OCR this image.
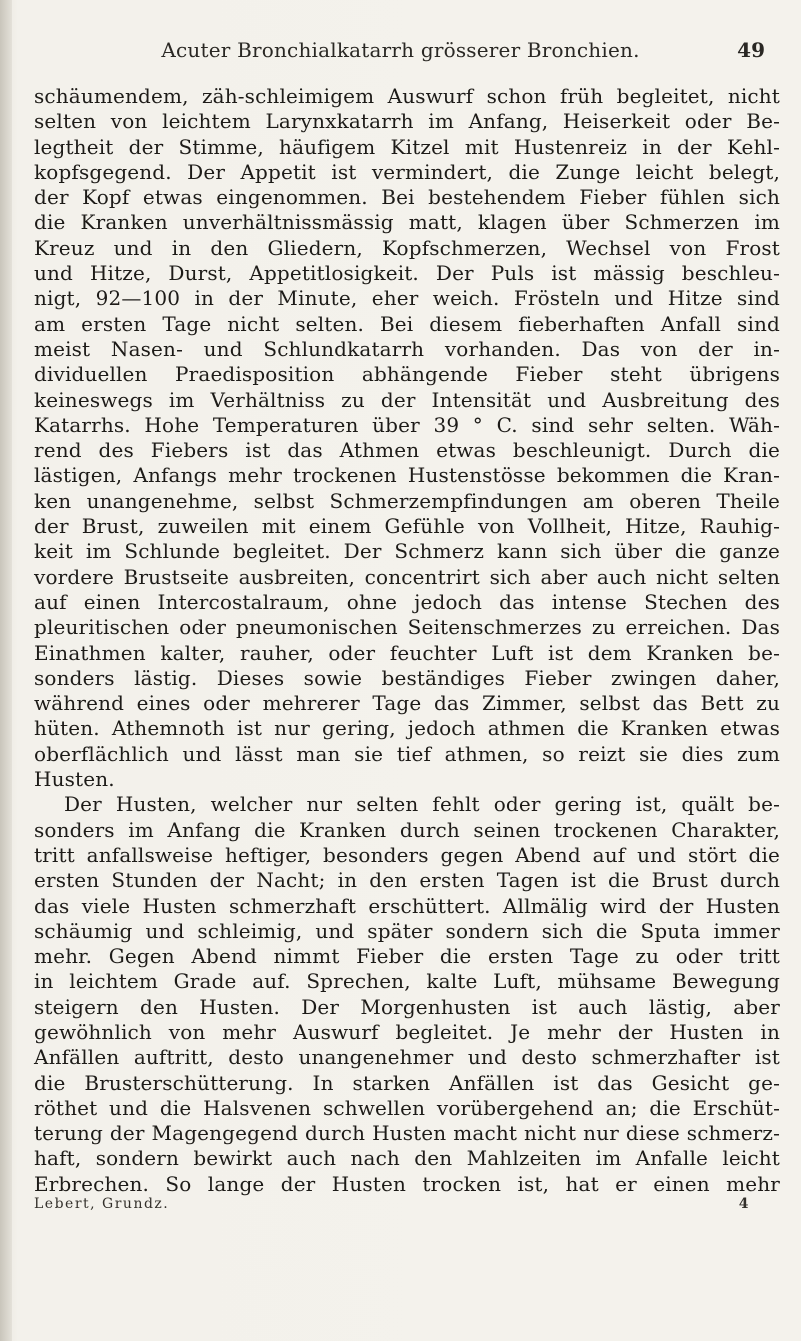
Acuter Bronchialkatarrh grösserer Bronchien.	49
schäumendem, zäh-schleimigem Auswurf schon früh begleitet, nicht
selten von leichtem Larynxkatarrh im Anfang, Heiserkeit oder Be-
legtheit der Stimme, häufigem Kitzel mit Hustenreiz in der Kehl-
kopfsgegend. Der Appetit ist vermindert, die Zunge leicht belegt,
der Kopf etwas eingenommen. Bei bestehendem Fieber fühlen sich
die Kranken unverhältnissmässig matt, klagen über Schmerzen im
Kreuz und in den Gliedern, Kopfschmerzen, Wechsel von Frost
und Hitze, Durst, Appetitlosigkeit. Der Puls ist mässig beschleu-
nigt, 92—100 in der Minute, eher weich. Frösteln und Hitze sind
am ersten Tage nicht selten. Bei diesem fieberhaften Anfall sind
meist Nasen- und Schlundkatarrh vorhanden. Das von der in-
dividuellen Praedisposition abhängende Fieber steht übrigens
keineswegs im Verhältniss zu der Intensität und Ausbreitung des
Katarrhs. Hohe Temperaturen über 39 ° C. sind sehr selten. Wäh-
rend des Fiebers ist das Athmen etwas beschleunigt. Durch die
lästigen, Anfangs mehr trockenen Hustenstösse bekommen die Kran-
ken unangenehme, selbst Schmerzempfindungen am oberen Theile
der Brust, zuweilen mit einem Gefühle von Vollheit, Hitze, Rauhig-
keit im Schlunde begleitet. Der Schmerz kann sich über die ganze
vordere Brustseite ausbreiten, concentrirt sich aber auch nicht selten
auf einen Intercostalraum, ohne jedoch das intense Stechen des
pleuritischen oder pneumonischen Seitenschmerzes zu erreichen. Das
Einathmen kalter, rauher, oder feuchter Luft ist dem Kranken be-
sonders lästig. Dieses sowie beständiges Fieber zwingen daher,
während eines oder mehrerer Tage das Zimmer, selbst das Bett zu
hüten. Athemnoth ist nur gering, jedoch athmen die Kranken etwas
oberflächlich und lässt man sie tief athmen, so reizt sie dies zum
Husten.
Der Husten, welcher nur selten fehlt oder gering ist, quält be-
sonders im Anfang die Kranken durch seinen trockenen Charakter,
tritt anfallsweise heftiger, besonders gegen Abend auf und stört die
ersten Stunden der Nacht; in den ersten Tagen ist die Brust durch
das viele Husten schmerzhaft erschüttert. Allmälig wird der Husten
schäumig und schleimig, und später sondern sich die Sputa immer
mehr. Gegen Abend nimmt Fieber die ersten Tage zu oder tritt
in leichtem Grade auf. Sprechen, kalte Luft, mühsame Bewegung
steigern den Husten. Der Morgenhusten ist auch lästig, aber
gewöhnlich von mehr Auswurf begleitet. Je mehr der Husten in
Anfällen auftritt, desto unangenehmer und desto schmerzhafter ist
die Brusterschütterung. In starken Anfällen ist das Gesicht ge-
röthet und die Halsvenen schwellen vorübergehend an; die Erschüt-
terung der Magengegend durch Husten macht nicht nur diese schmerz-
haft, sondern bewirkt auch nach den Mahlzeiten im Anfalle leicht
Erbrechen. So lange der Husten trocken ist, hat er einen mehr
Lebert, Grundz.	4
